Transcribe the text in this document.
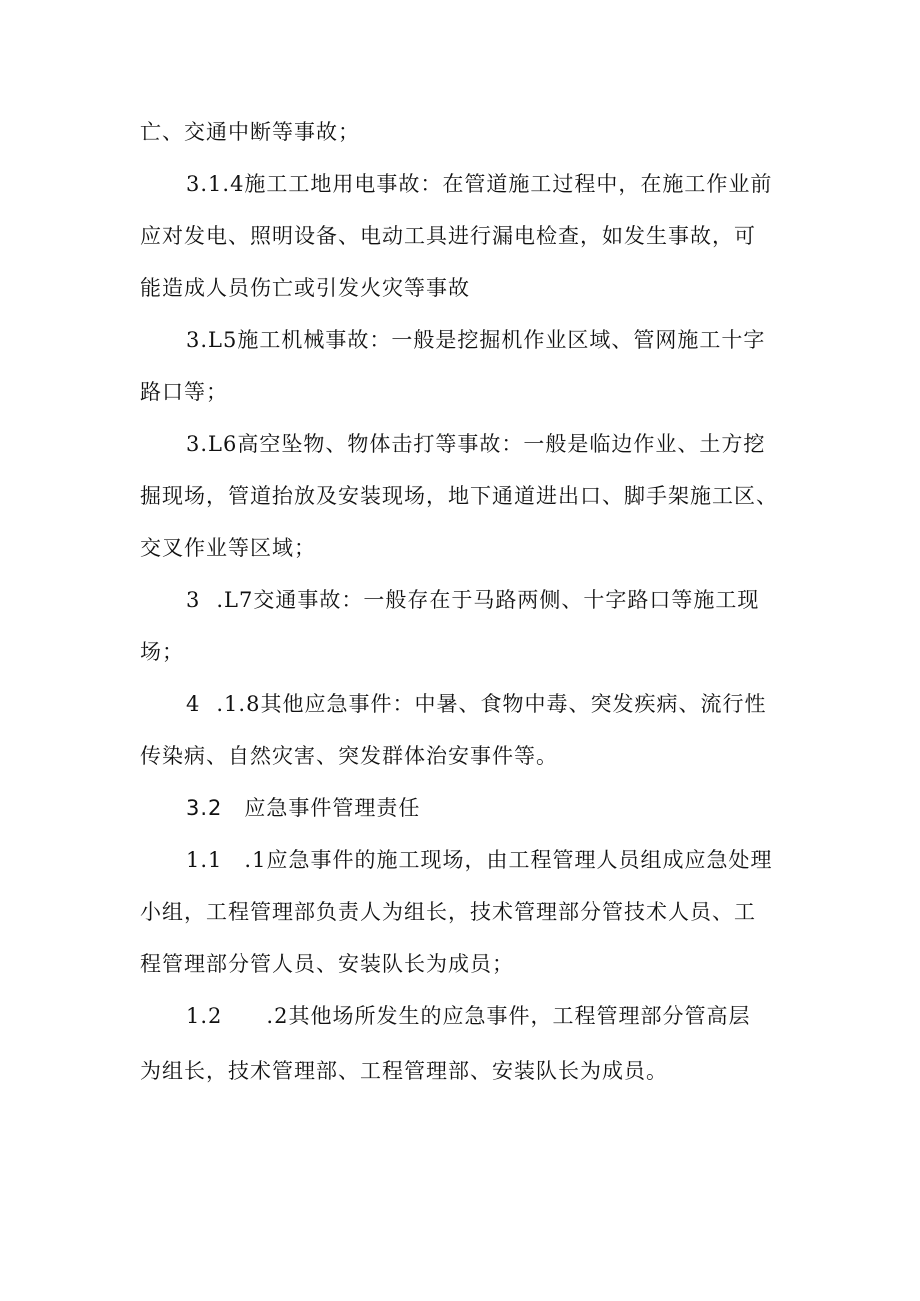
亡、交通中断等事故；
3.1.4施工工地用电事故：在管道施工过程中，在施工作业前
应对发电、照明设备、电动工具进行漏电检查，如发生事故，可
能造成人员伤亡或引发火灾等事故
3.L5施工机械事故：一般是挖掘机作业区域、管网施工十字
路口等；
3.L6高空坠物、物体击打等事故：一般是临边作业、土方挖
掘现场，管道抬放及安装现场，地下通道进出口、脚手架施工区、
交叉作业等区域；
3 .L7交通事故：一般存在于马路两侧、十字路口等施工现
场；
4 .1.8其他应急事件：中暑、食物中毒、突发疾病、流行性
传染病、自然灾害、突发群体治安事件等。
3.2 应急事件管理责任
1.1 .1应急事件的施工现场，由工程管理人员组成应急处理
小组，工程管理部负责人为组长，技术管理部分管技术人员、工
程管理部分管人员、安装队长为成员；
1.2 .2其他场所发生的应急事件，工程管理部分管高层
为组长，技术管理部、工程管理部、安装队长为成员。
